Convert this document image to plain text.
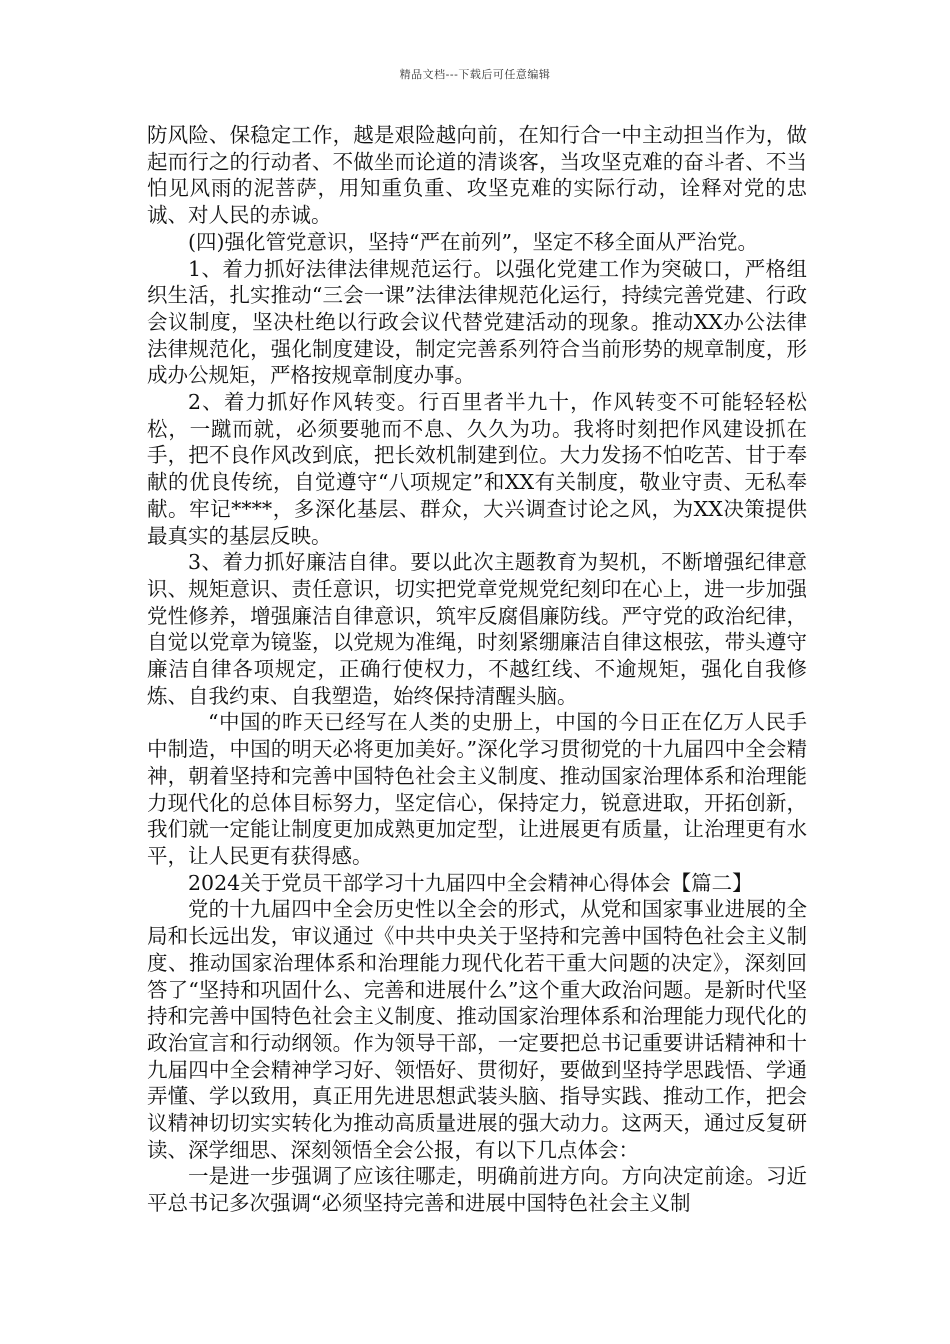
精品文档---下载后可任意编辑

防风险、保稳定工作，越是艰险越向前，在知行合一中主动担当作为，做起而行之的行动者、不做坐而论道的清谈客，当攻坚克难的奋斗者、不当怕见风雨的泥菩萨，用知重负重、攻坚克难的实际行动，诠释对党的忠诚、对人民的赤诚。

(四)强化管党意识，坚持“严在前列”，坚定不移全面从严治党。

1、着力抓好法律法律规范运行。以强化党建工作为突破口，严格组织生活，扎实推动“三会一课”法律法律规范化运行，持续完善党建、行政会议制度，坚决杜绝以行政会议代替党建活动的现象。推动XX办公法律法律规范化，强化制度建设，制定完善系列符合当前形势的规章制度，形成办公规矩，严格按规章制度办事。

2、着力抓好作风转变。行百里者半九十，作风转变不可能轻轻松松，一蹴而就，必须要驰而不息、久久为功。我将时刻把作风建设抓在手，把不良作风改到底，把长效机制建到位。大力发扬不怕吃苦、甘于奉献的优良传统，自觉遵守“八项规定”和XX有关制度，敬业守责、无私奉献。牢记****，多深化基层、群众，大兴调查讨论之风，为XX决策提供最真实的基层反映。

3、着力抓好廉洁自律。要以此次主题教育为契机，不断增强纪律意识、规矩意识、责任意识，切实把党章党规党纪刻印在心上，进一步加强党性修养，增强廉洁自律意识，筑牢反腐倡廉防线。严守党的政治纪律，自觉以党章为镜鉴，以党规为准绳，时刻紧绷廉洁自律这根弦，带头遵守廉洁自律各项规定，正确行使权力，不越红线、不逾规矩，强化自我修炼、自我约束、自我塑造，始终保持清醒头脑。

“中国的昨天已经写在人类的史册上，中国的今日正在亿万人民手中制造，中国的明天必将更加美好。”深化学习贯彻党的十九届四中全会精神，朝着坚持和完善中国特色社会主义制度、推动国家治理体系和治理能力现代化的总体目标努力，坚定信心，保持定力，锐意进取，开拓创新，我们就一定能让制度更加成熟更加定型，让进展更有质量，让治理更有水平，让人民更有获得感。

2024关于党员干部学习十九届四中全会精神心得体会【篇二】

党的十九届四中全会历史性以全会的形式，从党和国家事业进展的全局和长远出发，审议通过《中共中央关于坚持和完善中国特色社会主义制度、推动国家治理体系和治理能力现代化若干重大问题的决定》，深刻回答了“坚持和巩固什么、完善和进展什么”这个重大政治问题。是新时代坚持和完善中国特色社会主义制度、推动国家治理体系和治理能力现代化的政治宣言和行动纲领。作为领导干部，一定要把总书记重要讲话精神和十九届四中全会精神学习好、领悟好、贯彻好，要做到坚持学思践悟、学通弄懂、学以致用，真正用先进思想武装头脑、指导实践、推动工作，把会议精神切切实实转化为推动高质量进展的强大动力。这两天，通过反复研读、深学细思、深刻领悟全会公报，有以下几点体会：

一是进一步强调了应该往哪走，明确前进方向。方向决定前途。习近平总书记多次强调“必须坚持完善和进展中国特色社会主义制
